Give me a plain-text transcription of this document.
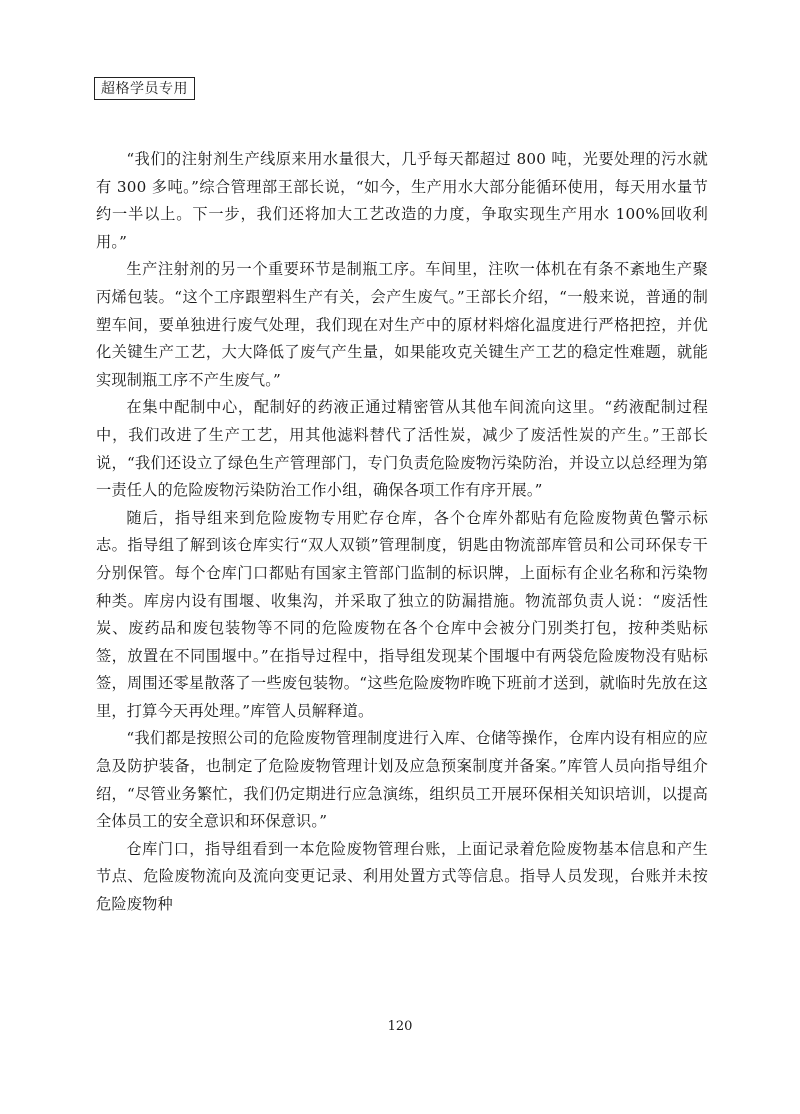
超格学员专用

“我们的注射剂生产线原来用水量很大，几乎每天都超过 800 吨，光要处理的污水就有 300 多吨。”综合管理部王部长说，“如今，生产用水大部分能循环使用，每天用水量节约一半以上。下一步，我们还将加大工艺改造的力度，争取实现生产用水 100%回收利用。”

生产注射剂的另一个重要环节是制瓶工序。车间里，注吹一体机在有条不紊地生产聚丙烯包装。“这个工序跟塑料生产有关，会产生废气。”王部长介绍，“一般来说，普通的制塑车间，要单独进行废气处理，我们现在对生产中的原材料熔化温度进行严格把控，并优化关键生产工艺，大大降低了废气产生量，如果能攻克关键生产工艺的稳定性难题，就能实现制瓶工序不产生废气。”

在集中配制中心，配制好的药液正通过精密管从其他车间流向这里。“药液配制过程中，我们改进了生产工艺，用其他滤料替代了活性炭，减少了废活性炭的产生。”王部长说，“我们还设立了绿色生产管理部门，专门负责危险废物污染防治，并设立以总经理为第一责任人的危险废物污染防治工作小组，确保各项工作有序开展。”

随后，指导组来到危险废物专用贮存仓库，各个仓库外都贴有危险废物黄色警示标志。指导组了解到该仓库实行“双人双锁”管理制度，钥匙由物流部库管员和公司环保专干分别保管。每个仓库门口都贴有国家主管部门监制的标识牌，上面标有企业名称和污染物种类。库房内设有围堰、收集沟，并采取了独立的防漏措施。物流部负责人说：“废活性炭、废药品和废包装物等不同的危险废物在各个仓库中会被分门别类打包，按种类贴标签，放置在不同围堰中。”在指导过程中，指导组发现某个围堰中有两袋危险废物没有贴标签，周围还零星散落了一些废包装物。“这些危险废物昨晚下班前才送到，就临时先放在这里，打算今天再处理。”库管人员解释道。

“我们都是按照公司的危险废物管理制度进行入库、仓储等操作，仓库内设有相应的应急及防护装备，也制定了危险废物管理计划及应急预案制度并备案。”库管人员向指导组介绍，“尽管业务繁忙，我们仍定期进行应急演练，组织员工开展环保相关知识培训，以提高全体员工的安全意识和环保意识。”

仓库门口，指导组看到一本危险废物管理台账，上面记录着危险废物基本信息和产生节点、危险废物流向及流向变更记录、利用处置方式等信息。指导人员发现，台账并未按危险废物种

120
